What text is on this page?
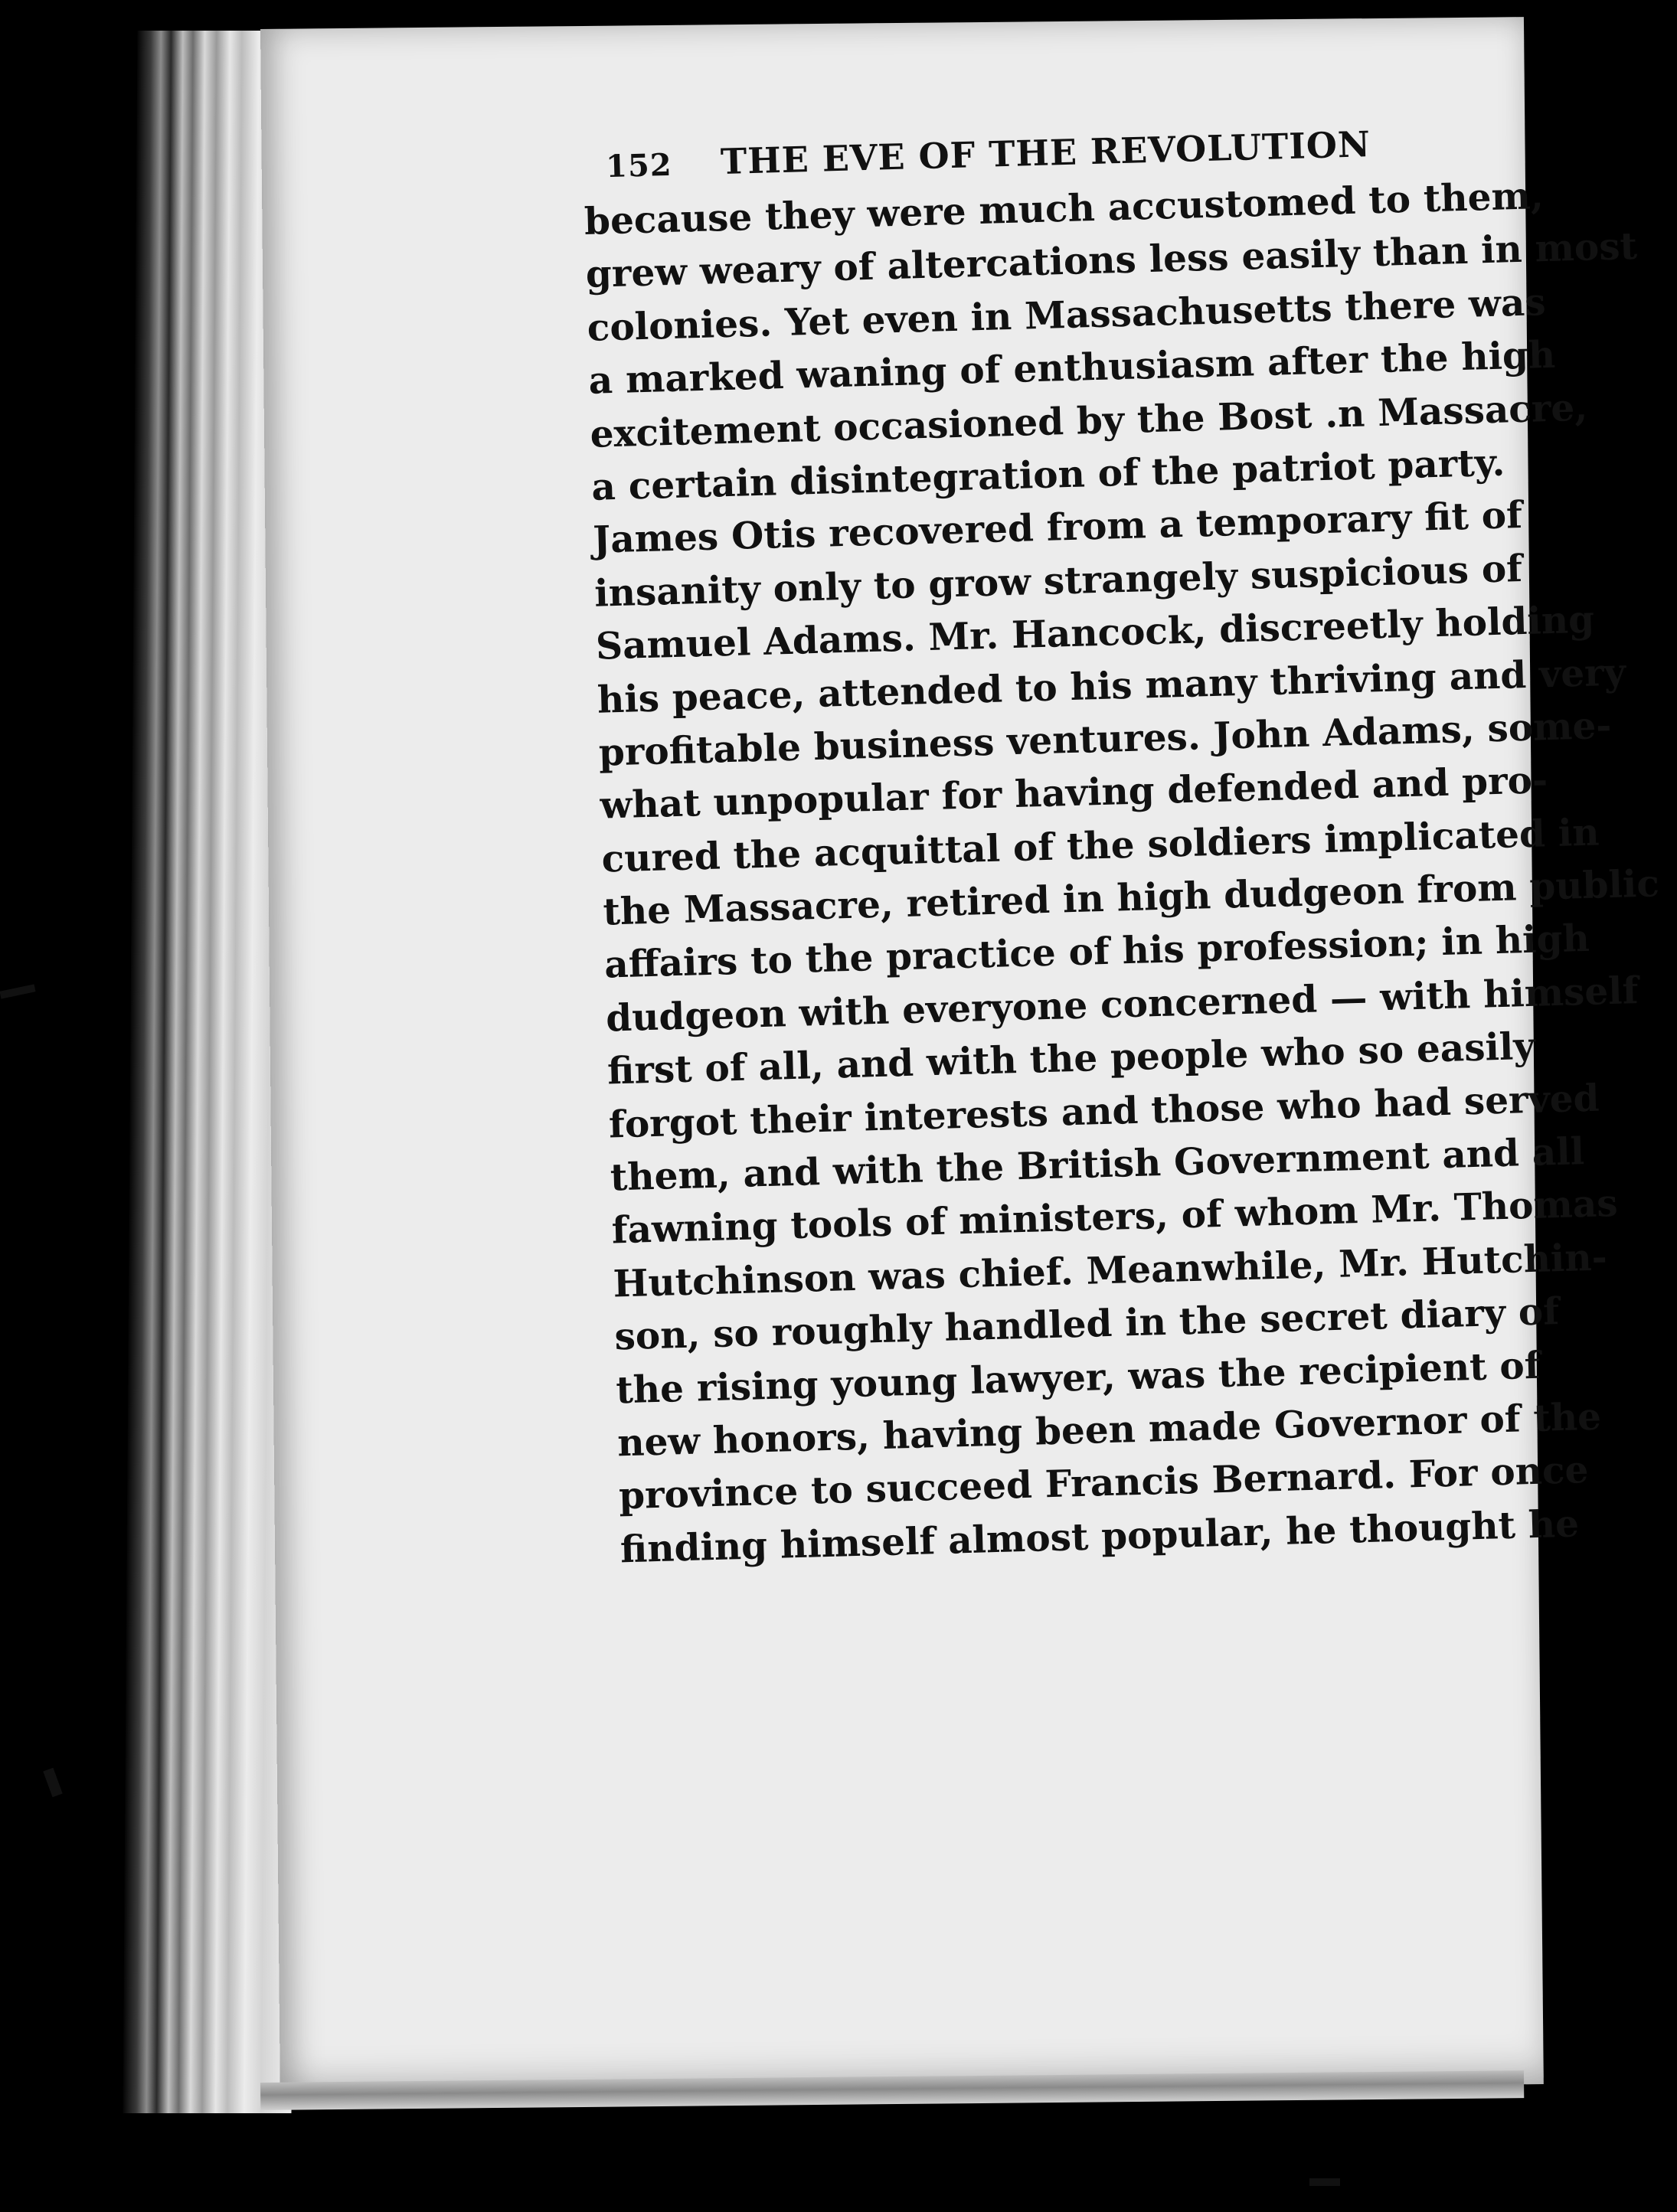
152 THE EVE OF THE REVOLUTION
because they were much accustomed to them,
grew weary of altercations less easily than in most
colonies. Yet even in Massachusetts there was
a marked waning of enthusiasm after the high
excitement occasioned by the Bost .n Massacre,
a certain disintegration of the patriot party.
James Otis recovered from a temporary fit of
insanity only to grow strangely suspicious of
Samuel Adams. Mr. Hancock, discreetly holding
his peace, attended to his many thriving and very
profitable business ventures. John Adams, some-
what unpopular for having defended and pro-
cured the acquittal of the soldiers implicated in
the Massacre, retired in high dudgeon from public
affairs to the practice of his profession; in high
dudgeon with everyone concerned — with himself
first of all, and with the people who so easily
forgot their interests and those who had served
them, and with the British Government and all
fawning tools of ministers, of whom Mr. Thomas
Hutchinson was chief. Meanwhile, Mr. Hutchin-
son, so roughly handled in the secret diary of
the rising young lawyer, was the recipient of
new honors, having been made Governor of the
province to succeed Francis Bernard. For once
finding himself almost popular, he thought he
